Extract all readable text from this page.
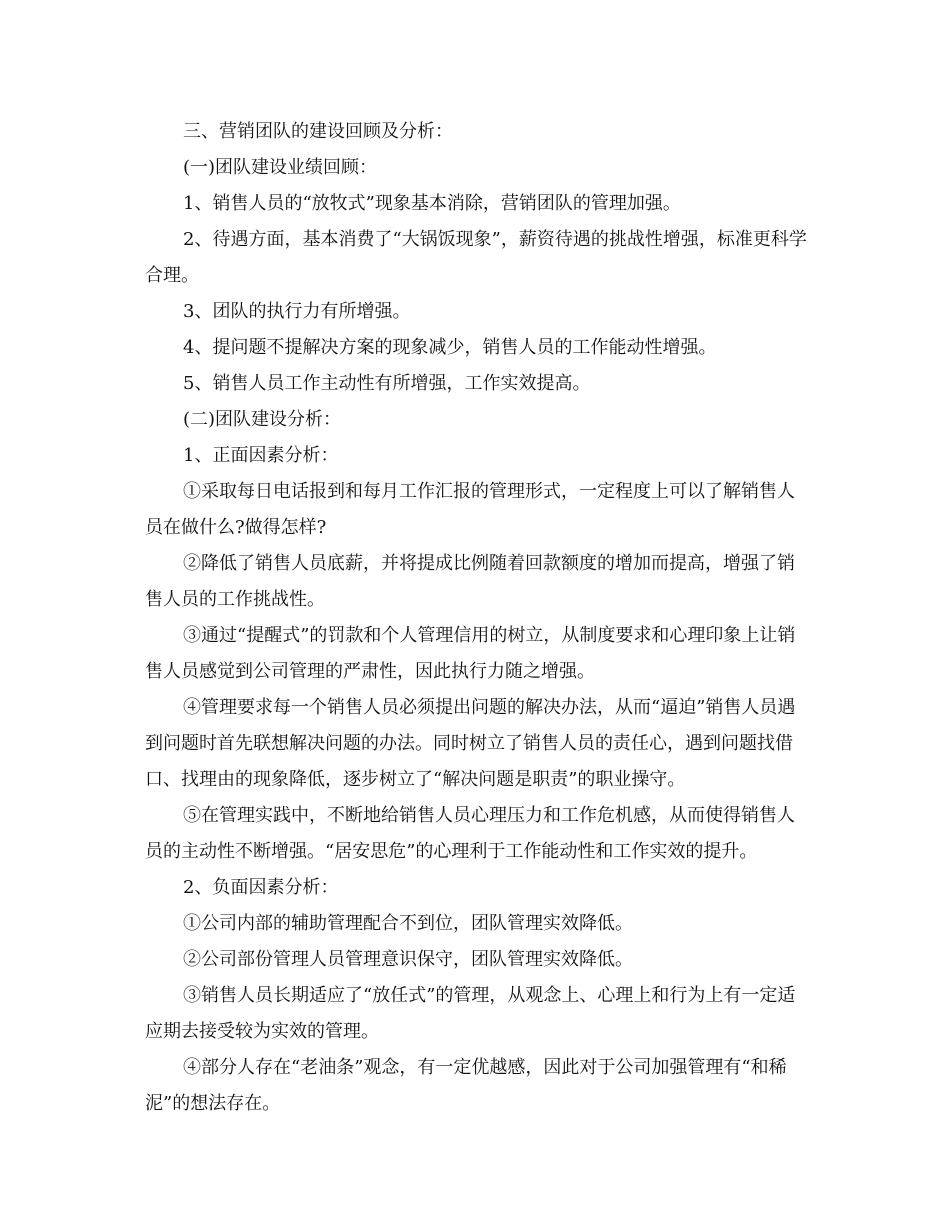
三、营销团队的建设回顾及分析：

(一)团队建设业绩回顾：

1、销售人员的“放牧式”现象基本消除，营销团队的管理加强。

2、待遇方面，基本消费了“大锅饭现象”，薪资待遇的挑战性增强，标准更科学合理。

3、团队的执行力有所增强。

4、提问题不提解决方案的现象减少，销售人员的工作能动性增强。

5、销售人员工作主动性有所增强，工作实效提高。

(二)团队建设分析：

1、正面因素分析：

①采取每日电话报到和每月工作汇报的管理形式，一定程度上可以了解销售人员在做什么?做得怎样?

②降低了销售人员底薪，并将提成比例随着回款额度的增加而提高，增强了销售人员的工作挑战性。

③通过“提醒式”的罚款和个人管理信用的树立，从制度要求和心理印象上让销售人员感觉到公司管理的严肃性，因此执行力随之增强。

④管理要求每一个销售人员必须提出问题的解决办法，从而“逼迫”销售人员遇到问题时首先联想解决问题的办法。同时树立了销售人员的责任心，遇到问题找借口、找理由的现象降低，逐步树立了“解决问题是职责”的职业操守。

⑤在管理实践中，不断地给销售人员心理压力和工作危机感，从而使得销售人员的主动性不断增强。“居安思危”的心理利于工作能动性和工作实效的提升。

2、负面因素分析：

①公司内部的辅助管理配合不到位，团队管理实效降低。

②公司部份管理人员管理意识保守，团队管理实效降低。

③销售人员长期适应了“放任式”的管理，从观念上、心理上和行为上有一定适应期去接受较为实效的管理。

④部分人存在“老油条”观念，有一定优越感，因此对于公司加强管理有“和稀泥”的想法存在。
